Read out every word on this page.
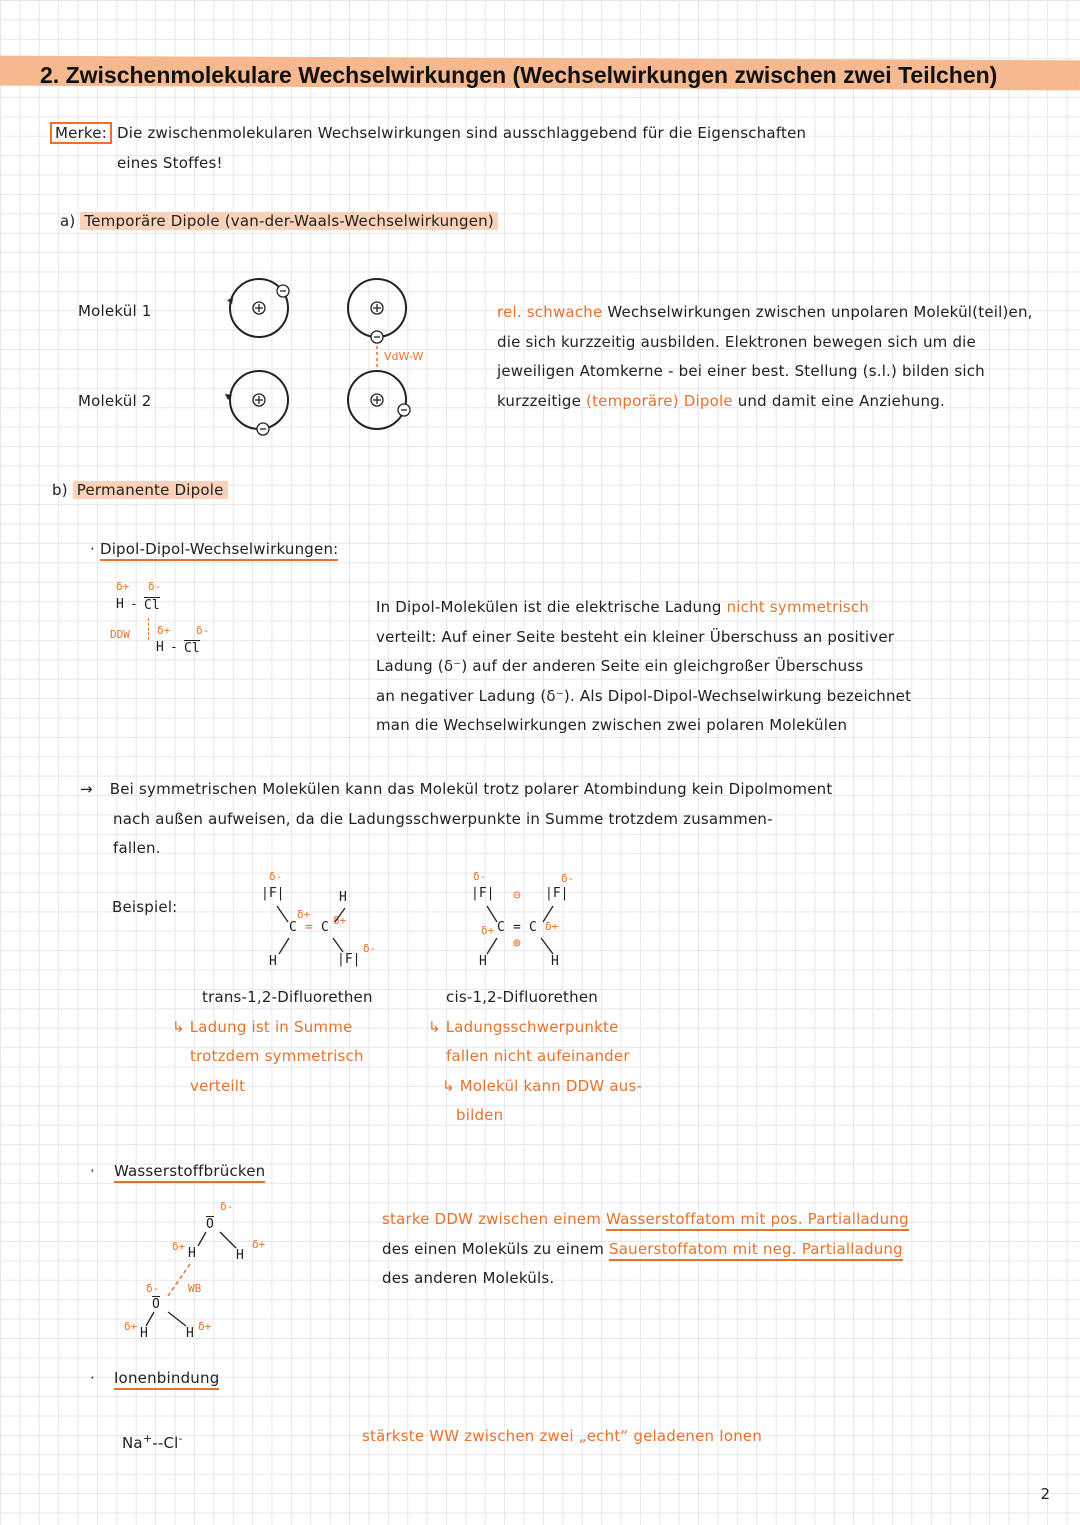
2. Zwischenmolekulare Wechselwirkungen (Wechselwirkungen zwischen zwei Teilchen)
Merke: Die zwischenmolekularen Wechselwirkungen sind ausschlaggebend für die Eigenschaften
eines Stoffes!
a) Temporäre Dipole (van-der-Waals-Wechselwirkungen)
Molekül 1
Molekül 2
VdW-W
rel. schwache Wechselwirkungen zwischen unpolaren Molekül(teil)en,
die sich kurzzeitig ausbilden. Elektronen bewegen sich um die
jeweiligen Atomkerne - bei einer best. Stellung (s.l.) bilden sich
kurzzeitige (temporäre) Dipole und damit eine Anziehung.
b) Permanente Dipole
· Dipol-Dipol-Wechselwirkungen:
δ+ δ-
H - Cl
DDW δ+ δ-
H - Cl
In Dipol-Molekülen ist die elektrische Ladung nicht symmetrisch
verteilt: Auf einer Seite besteht ein kleiner Überschuss an positiver
Ladung (δ⁻) auf der anderen Seite ein gleichgroßer Überschuss
an negativer Ladung (δ⁻). Als Dipol-Dipol-Wechselwirkung bezeichnet
man die Wechselwirkungen zwischen zwei polaren Molekülen
→ Bei symmetrischen Molekülen kann das Molekül trotz polarer Atombindung kein Dipolmoment
nach außen aufweisen, da die Ladungsschwerpunkte in Summe trotzdem zusammen-
fallen.
Beispiel:
δ-
|F|	H
C = C δ+
δ+
H	|F|
δ-
δ-	δ-
|F| ⊖ |F|
δ+ C = C δ+
⊕
H	H
trans-1,2-Difluorethen
↳ Ladung ist in Summe
trotzdem symmetrisch
verteilt
cis-1,2-Difluorethen
↳ Ladungsschwerpunkte
fallen nicht aufeinander
↳ Molekül kann DDW aus-
bilden
· Wasserstoffbrücken
δ-
O
δ+ H	H
δ+
δ-	WB
O
δ+ H	H δ+
starke DDW zwischen einem Wasserstoffatom mit pos. Partialladung
des einen Moleküls zu einem Sauerstoffatom mit neg. Partialladung
des anderen Moleküls.
· Ionenbindung
Na+--Cl-	stärkste WW zwischen zwei „echt“ geladenen Ionen
2
